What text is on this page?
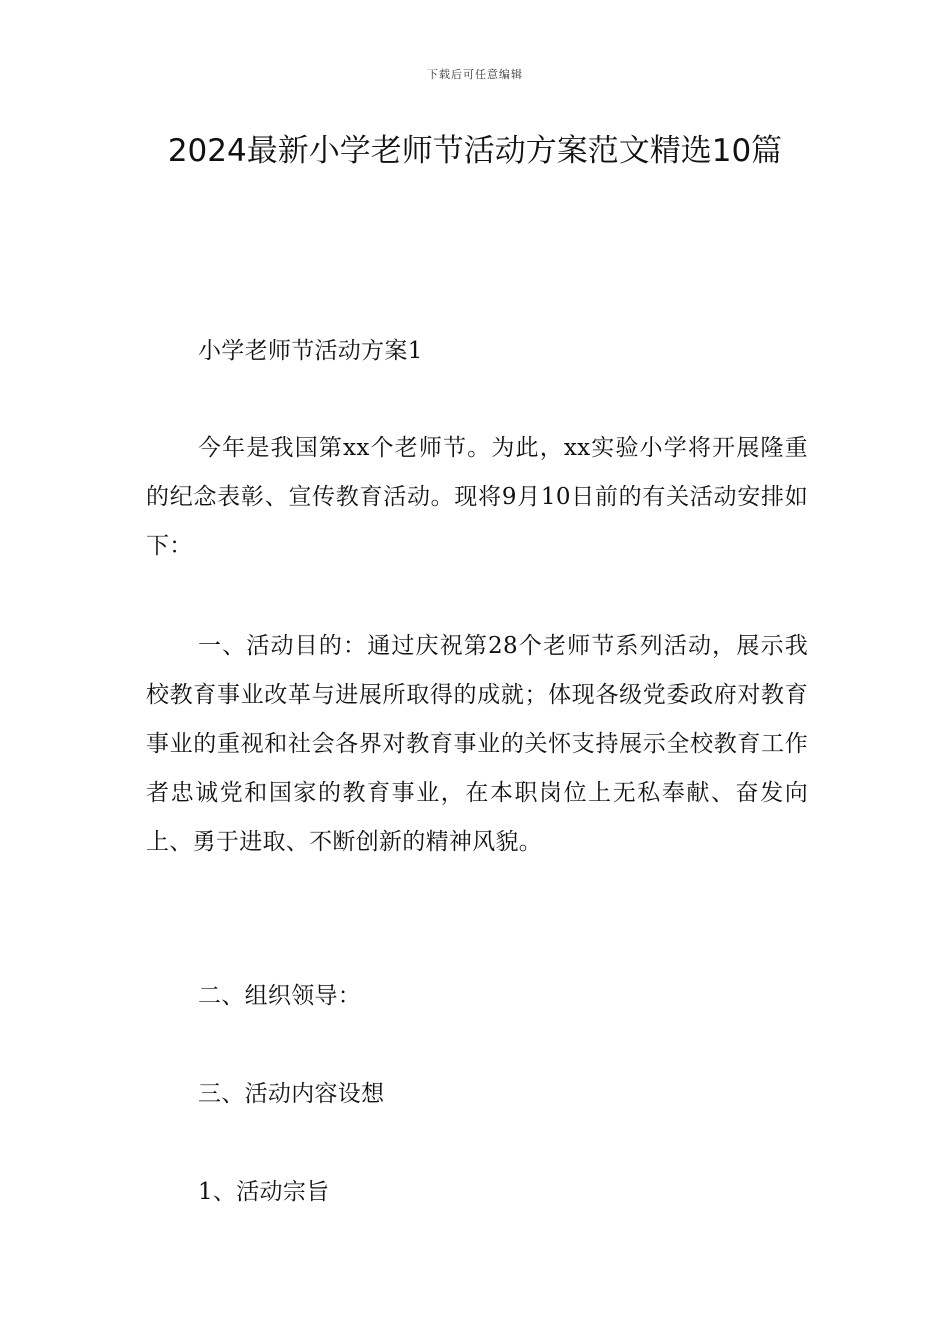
下载后可任意编辑
2024最新小学老师节活动方案范文精选10篇

小学老师节活动方案1

今年是我国第xx个老师节。为此，xx实验小学将开展隆重的纪念表彰、宣传教育活动。现将9月10日前的有关活动安排如下：

一、活动目的：通过庆祝第28个老师节系列活动，展示我校教育事业改革与进展所取得的成就；体现各级党委政府对教育事业的重视和社会各界对教育事业的关怀支持展示全校教育工作者忠诚党和国家的教育事业，在本职岗位上无私奉献、奋发向上、勇于进取、不断创新的精神风貌。

二、组织领导：

三、活动内容设想

1、活动宗旨
